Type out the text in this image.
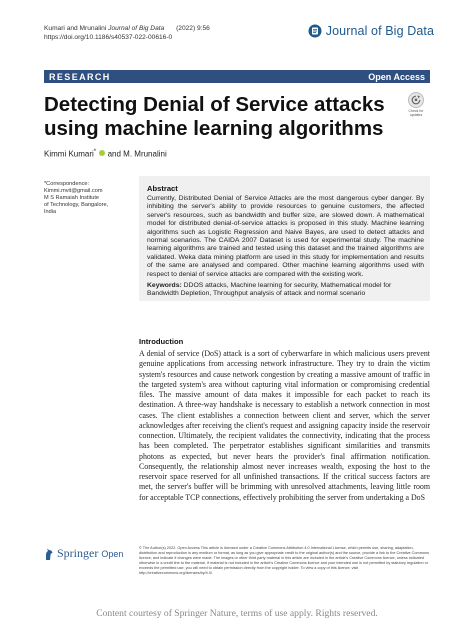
Kumari and Mrunalini Journal of Big Data (2022) 9:56
https://doi.org/10.1186/s40537-022-00616-0	Journal of Big Data
RESEARCH	Open Access
Detecting Denial of Service attacks using machine learning algorithms
Check for updates
Kimmi Kumari* and M. Mrunalini
*Correspondence:
Kimmi.mvit@gmail.com
M S Ramaiah Institute
of Technology, Bangalore,
India
Abstract

Currently, Distributed Denial of Service Attacks are the most dangerous cyber danger. By inhibiting the server's ability to provide resources to genuine customers, the affected server's resources, such as bandwidth and buffer size, are slowed down. A mathematical model for distributed denial-of-service attacks is proposed in this study. Machine learning algorithms such as Logistic Regression and Naive Bayes, are used to detect attacks and normal scenarios. The CAIDA 2007 Dataset is used for experimental study. The machine learning algorithms are trained and tested using this dataset and the trained algorithms are validated. Weka data mining platform are used in this study for implementation and results of the same are analysed and compared. Other machine learning algorithms used with respect to denial of service attacks are compared with the existing work.

Keywords: DDOS attacks, Machine learning for security, Mathematical model for Bandwidth Depletion, Throughput analysis of attack and normal scenario

Introduction

A denial of service (DoS) attack is a sort of cyberwarfare in which malicious users prevent genuine applications from accessing network infrastructure. They try to drain the victim system's resources and cause network congestion by creating a massive amount of traffic in the targeted system's area without capturing vital information or compromising credential files. The massive amount of data makes it impossible for each packet to reach its destination. A three-way handshake is necessary to establish a network connection in most cases. The client establishes a connection between client and server, which the server acknowledges after receiving the client's request and assigning capacity inside the reservoir connection. Ultimately, the recipient validates the connectivity, indicating that the process has been completed. The perpetrator establishes significant similarities and transmits photons as expected, but never hears the provider's final affirmation notification. Consequently, the relationship almost never increases wealth, exposing the host to the reservoir space reserved for all unfinished transactions. If the critical success factors are met, the server's buffer will be brimming with unresolved attachments, leaving little room for acceptable TCP connections, effectively prohibiting the server from undertaking a DoS

Springer Open

© The Author(s) 2022. Open Access This article is licensed under a Creative Commons Attribution 4.0 International License, which permits use, sharing, adaptation, distribution and reproduction in any medium or format, as long as you give appropriate credit to the original author(s) and the source, provide a link to the Creative Commons licence, and indicate if changes were made. The images or other third party material in this article are included in the article's Creative Commons licence, unless indicated otherwise in a credit line to the material. If material is not included in the article's Creative Commons licence and your intended use is not permitted by statutory regulation or exceeds the permitted use, you will need to obtain permission directly from the copyright holder. To view a copy of this licence, visit http://creativecommons.org/licenses/by/4.0/.

Content courtesy of Springer Nature, terms of use apply. Rights reserved.
